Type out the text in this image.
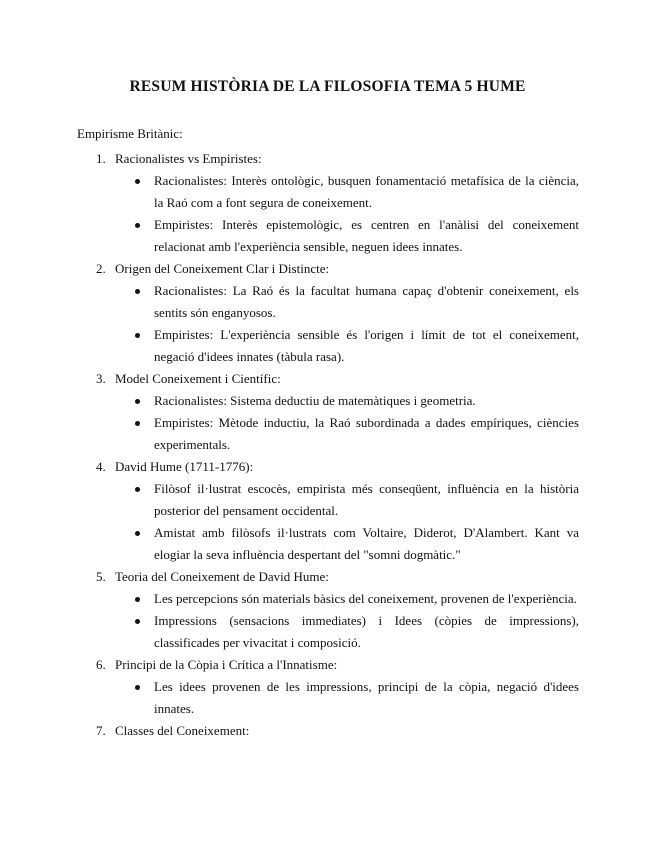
RESUM HISTÒRIA DE LA FILOSOFIA TEMA 5 HUME
Empirisme Britànic:
1. Racionalistes vs Empiristes:
Racionalistes: Interès ontològic, busquen fonamentació metafísica de la ciència, la Raó com a font segura de coneixement.
Empiristes: Interès epistemològic, es centren en l'anàlisi del coneixement relacionat amb l'experiència sensible, neguen idees innates.
2. Origen del Coneixement Clar i Distincte:
Racionalistes: La Raó és la facultat humana capaç d'obtenir coneixement, els sentits són enganyosos.
Empiristes: L'experiència sensible és l'origen i límit de tot el coneixement, negació d'idees innates (tàbula rasa).
3. Model Coneixement i Científic:
Racionalistes: Sistema deductiu de matemàtiques i geometria.
Empiristes: Mètode inductiu, la Raó subordinada a dades empíriques, ciències experimentals.
4. David Hume (1711-1776):
Filòsof il·lustrat escocès, empirista més conseqüent, influència en la història posterior del pensament occidental.
Amistat amb filòsofs il·lustrats com Voltaire, Diderot, D'Alambert. Kant va elogiar la seva influència despertant del "somni dogmàtic."
5. Teoria del Coneixement de David Hume:
Les percepcions són materials bàsics del coneixement, provenen de l'experiència.
Impressions (sensacions immediates) i Idees (còpies de impressions), classificades per vivacitat i composició.
6. Principi de la Còpia i Crítica a l'Innatisme:
Les idees provenen de les impressions, principi de la còpia, negació d'idees innates.
7. Classes del Coneixement:
